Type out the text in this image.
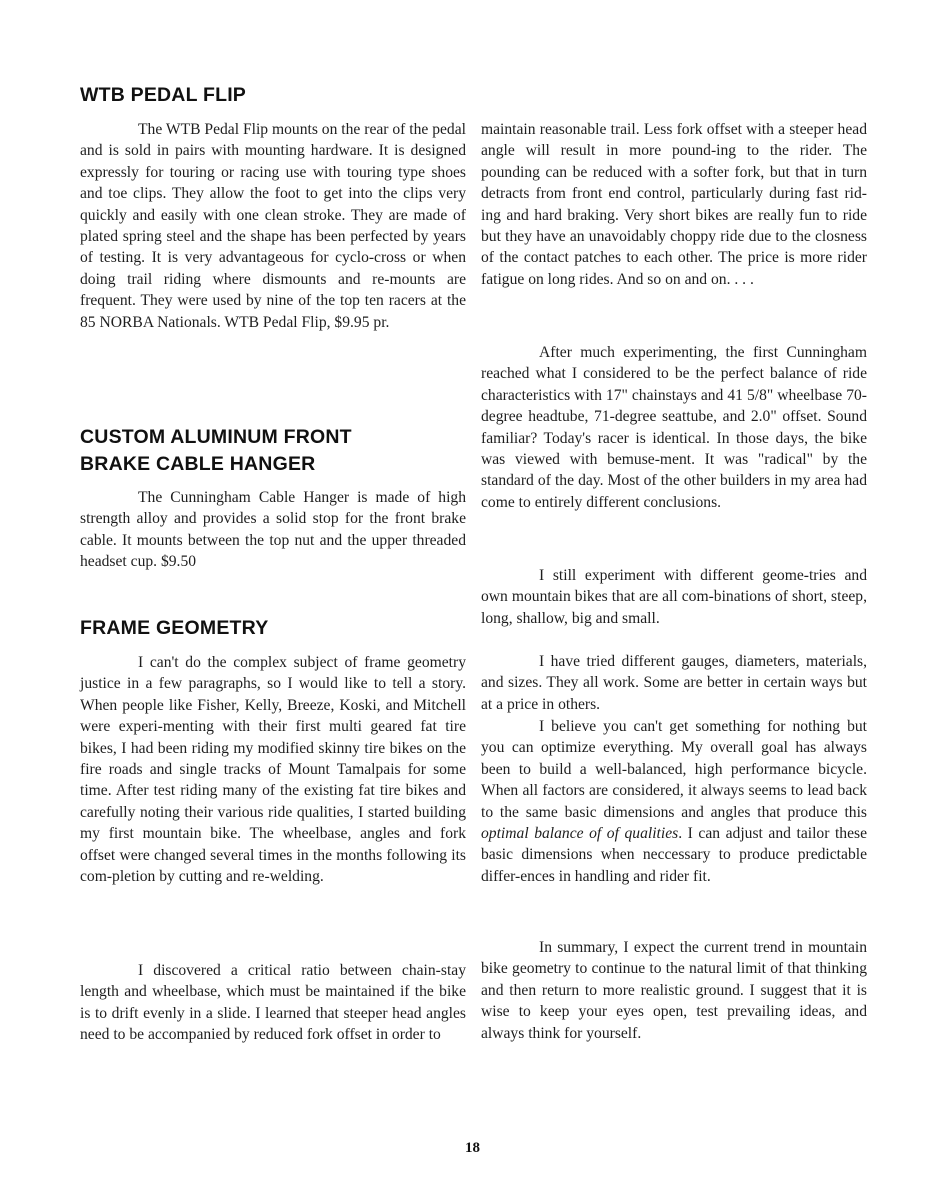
WTB PEDAL FLIP

The WTB Pedal Flip mounts on the rear of the pedal and is sold in pairs with mounting hardware. It is designed expressly for touring or racing use with touring type shoes and toe clips. They allow the foot to get into the clips very quickly and easily with one clean stroke. They are made of plated spring steel and the shape has been perfected by years of testing. It is very advantageous for cyclo-cross or when doing trail riding where dismounts and re-mounts are frequent. They were used by nine of the top ten racers at the 85 NORBA Nationals. WTB Pedal Flip, $9.95 pr.

CUSTOM ALUMINUM FRONT
BRAKE CABLE HANGER

The Cunningham Cable Hanger is made of high strength alloy and provides a solid stop for the front brake cable. It mounts between the top nut and the upper threaded headset cup. $9.50

FRAME GEOMETRY

I can't do the complex subject of frame geometry justice in a few paragraphs, so I would like to tell a story. When people like Fisher, Kelly, Breeze, Koski, and Mitchell were experi-menting with their first multi geared fat tire bikes, I had been riding my modified skinny tire bikes on the fire roads and single tracks of Mount Tamalpais for some time. After test riding many of the existing fat tire bikes and carefully noting their various ride qualities, I started building my first mountain bike. The wheelbase, angles and fork offset were changed several times in the months following its com-pletion by cutting and re-welding.

I discovered a critical ratio between chain-stay length and wheelbase, which must be maintained if the bike is to drift evenly in a slide. I learned that steeper head angles need to be accompanied by reduced fork offset in order to

maintain reasonable trail. Less fork offset with a steeper head angle will result in more pound-ing to the rider. The pounding can be reduced with a softer fork, but that in turn detracts from front end control, particularly during fast rid-ing and hard braking. Very short bikes are really fun to ride but they have an unavoidably choppy ride due to the closness of the contact patches to each other. The price is more rider fatigue on long rides. And so on and on. . . .

After much experimenting, the first Cunningham reached what I considered to be the perfect balance of ride characteristics with 17" chainstays and 41 5/8" wheelbase 70-degree headtube, 71-degree seattube, and 2.0" offset. Sound familiar? Today's racer is identical. In those days, the bike was viewed with bemuse-ment. It was "radical" by the standard of the day. Most of the other builders in my area had come to entirely different conclusions.

I still experiment with different geome-tries and own mountain bikes that are all com-binations of short, steep, long, shallow, big and small.

I have tried different gauges, diameters, materials, and sizes. They all work. Some are better in certain ways but at a price in others.

I believe you can't get something for nothing but you can optimize everything. My overall goal has always been to build a well-balanced, high performance bicycle. When all factors are considered, it always seems to lead back to the same basic dimensions and angles that produce this optimal balance of of qualities. I can adjust and tailor these basic dimensions when neccessary to produce predictable differ-ences in handling and rider fit.

In summary, I expect the current trend in mountain bike geometry to continue to the natural limit of that thinking and then return to more realistic ground. I suggest that it is wise to keep your eyes open, test prevailing ideas, and always think for yourself.

18
